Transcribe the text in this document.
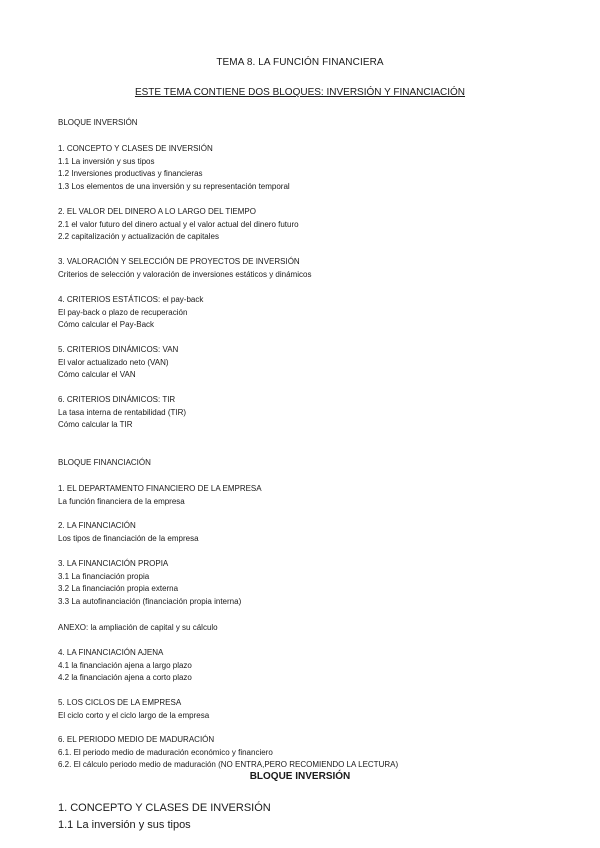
TEMA 8. LA FUNCIÓN FINANCIERA
ESTE TEMA CONTIENE DOS BLOQUES: INVERSIÓN Y FINANCIACIÓN
BLOQUE INVERSIÓN
1. CONCEPTO Y CLASES DE INVERSIÓN
1.1 La inversión y sus tipos
1.2 Inversiones productivas y financieras
1.3 Los elementos de una inversión y su representación temporal
2. EL VALOR DEL DINERO A LO LARGO DEL TIEMPO
2.1 el valor futuro del dinero actual y el valor actual del dinero futuro
2.2 capitalización y actualización de capitales
3. VALORACIÓN Y SELECCIÓN DE PROYECTOS DE INVERSIÓN
Criterios de selección y valoración de inversiones estáticos y dinámicos
4. CRITERIOS ESTÁTICOS: el pay-back
El pay-back o plazo de recuperación
Cómo calcular el Pay-Back
5. CRITERIOS DINÁMICOS: VAN
El valor actualizado neto (VAN)
Cómo calcular el VAN
6. CRITERIOS DINÁMICOS: TIR
La tasa interna de rentabilidad (TIR)
Cómo calcular la TIR
BLOQUE FINANCIACIÓN
1. EL DEPARTAMENTO FINANCIERO DE LA EMPRESA
La función financiera de la empresa
2. LA FINANCIACIÓN
Los tipos de financiación de la empresa
3. LA FINANCIACIÓN PROPIA
3.1 La financiación propia
3.2 La financiación propia externa
3.3 La autofinanciación (financiación propia interna)
ANEXO: la ampliación de capital y su cálculo
4. LA FINANCIACIÓN AJENA
4.1 la financiación ajena a largo plazo
4.2 la financiación ajena a corto plazo
5. LOS CICLOS DE LA EMPRESA
El ciclo corto y el ciclo largo de la empresa
6. EL PERIODO MEDIO DE MADURACIÓN
6.1. El periodo medio de maduración económico y financiero
6.2. El cálculo periodo medio de maduración (NO ENTRA,PERO RECOMIENDO LA LECTURA)
BLOQUE INVERSIÓN
1. CONCEPTO Y CLASES DE INVERSIÓN
1.1 La inversión y sus tipos
